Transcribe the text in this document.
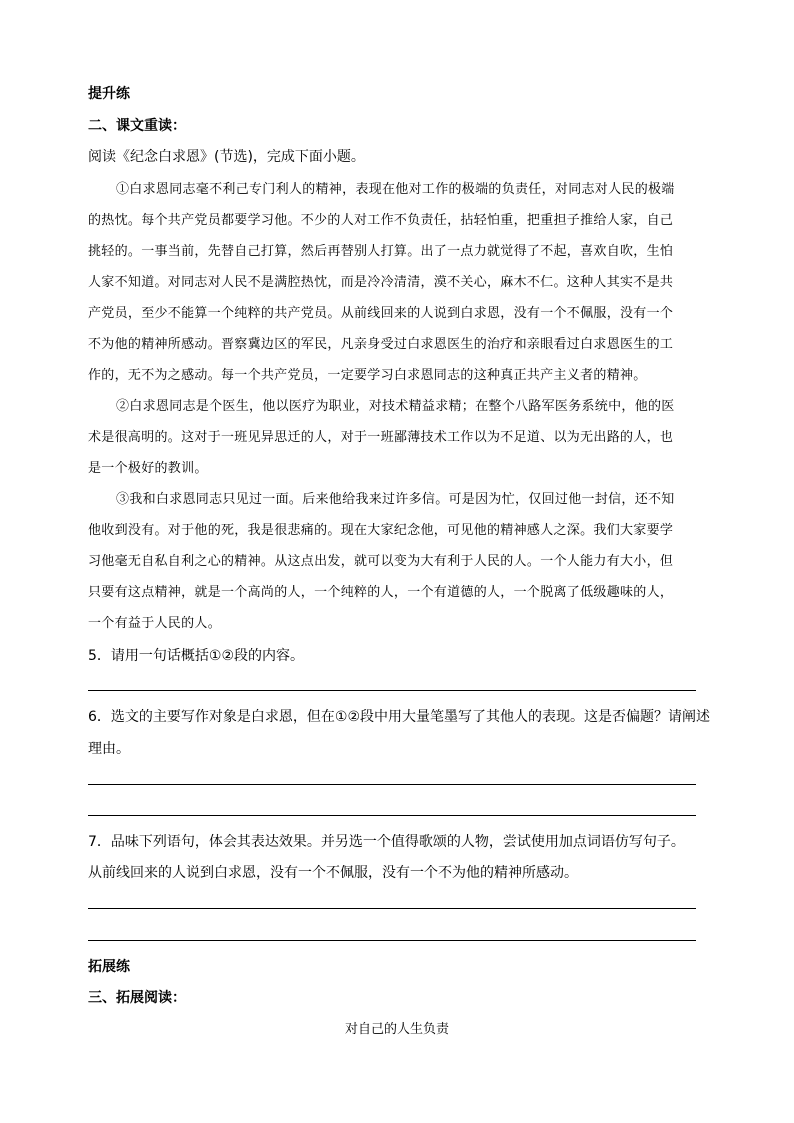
提升练
二、课文重读：
阅读《纪念白求恩》(节选)，完成下面小题。
①白求恩同志毫不利己专门利人的精神，表现在他对工作的极端的负责任，对同志对人民的极端
的热忱。每个共产党员都要学习他。不少的人对工作不负责任，拈轻怕重，把重担子推给人家，自己
挑轻的。一事当前，先替自己打算，然后再替别人打算。出了一点力就觉得了不起，喜欢自吹，生怕
人家不知道。对同志对人民不是满腔热忱，而是冷冷清清，漠不关心，麻木不仁。这种人其实不是共
产党员，至少不能算一个纯粹的共产党员。从前线回来的人说到白求恩，没有一个不佩服，没有一个
不为他的精神所感动。晋察冀边区的军民，凡亲身受过白求恩医生的治疗和亲眼看过白求恩医生的工
作的，无不为之感动。每一个共产党员，一定要学习白求恩同志的这种真正共产主义者的精神。
②白求恩同志是个医生，他以医疗为职业，对技术精益求精；在整个八路军医务系统中，他的医
术是很高明的。这对于一班见异思迁的人，对于一班鄙薄技术工作以为不足道、以为无出路的人，也
是一个极好的教训。
③我和白求恩同志只见过一面。后来他给我来过许多信。可是因为忙，仅回过他一封信，还不知
他收到没有。对于他的死，我是很悲痛的。现在大家纪念他，可见他的精神感人之深。我们大家要学
习他毫无自私自利之心的精神。从这点出发，就可以变为大有利于人民的人。一个人能力有大小，但
只要有这点精神，就是一个高尚的人，一个纯粹的人，一个有道德的人，一个脱离了低级趣味的人，
一个有益于人民的人。
5．请用一句话概括①②段的内容。
6．选文的主要写作对象是白求恩，但在①②段中用大量笔墨写了其他人的表现。这是否偏题？请阐述
理由。
7．品味下列语句，体会其表达效果。并另选一个值得歌颂的人物，尝试使用加点词语仿写句子。
从前线回来的人说到白求恩，没有一个不佩服，没有一个不为他的精神所感动。
拓展练
三、拓展阅读：
对自己的人生负责
